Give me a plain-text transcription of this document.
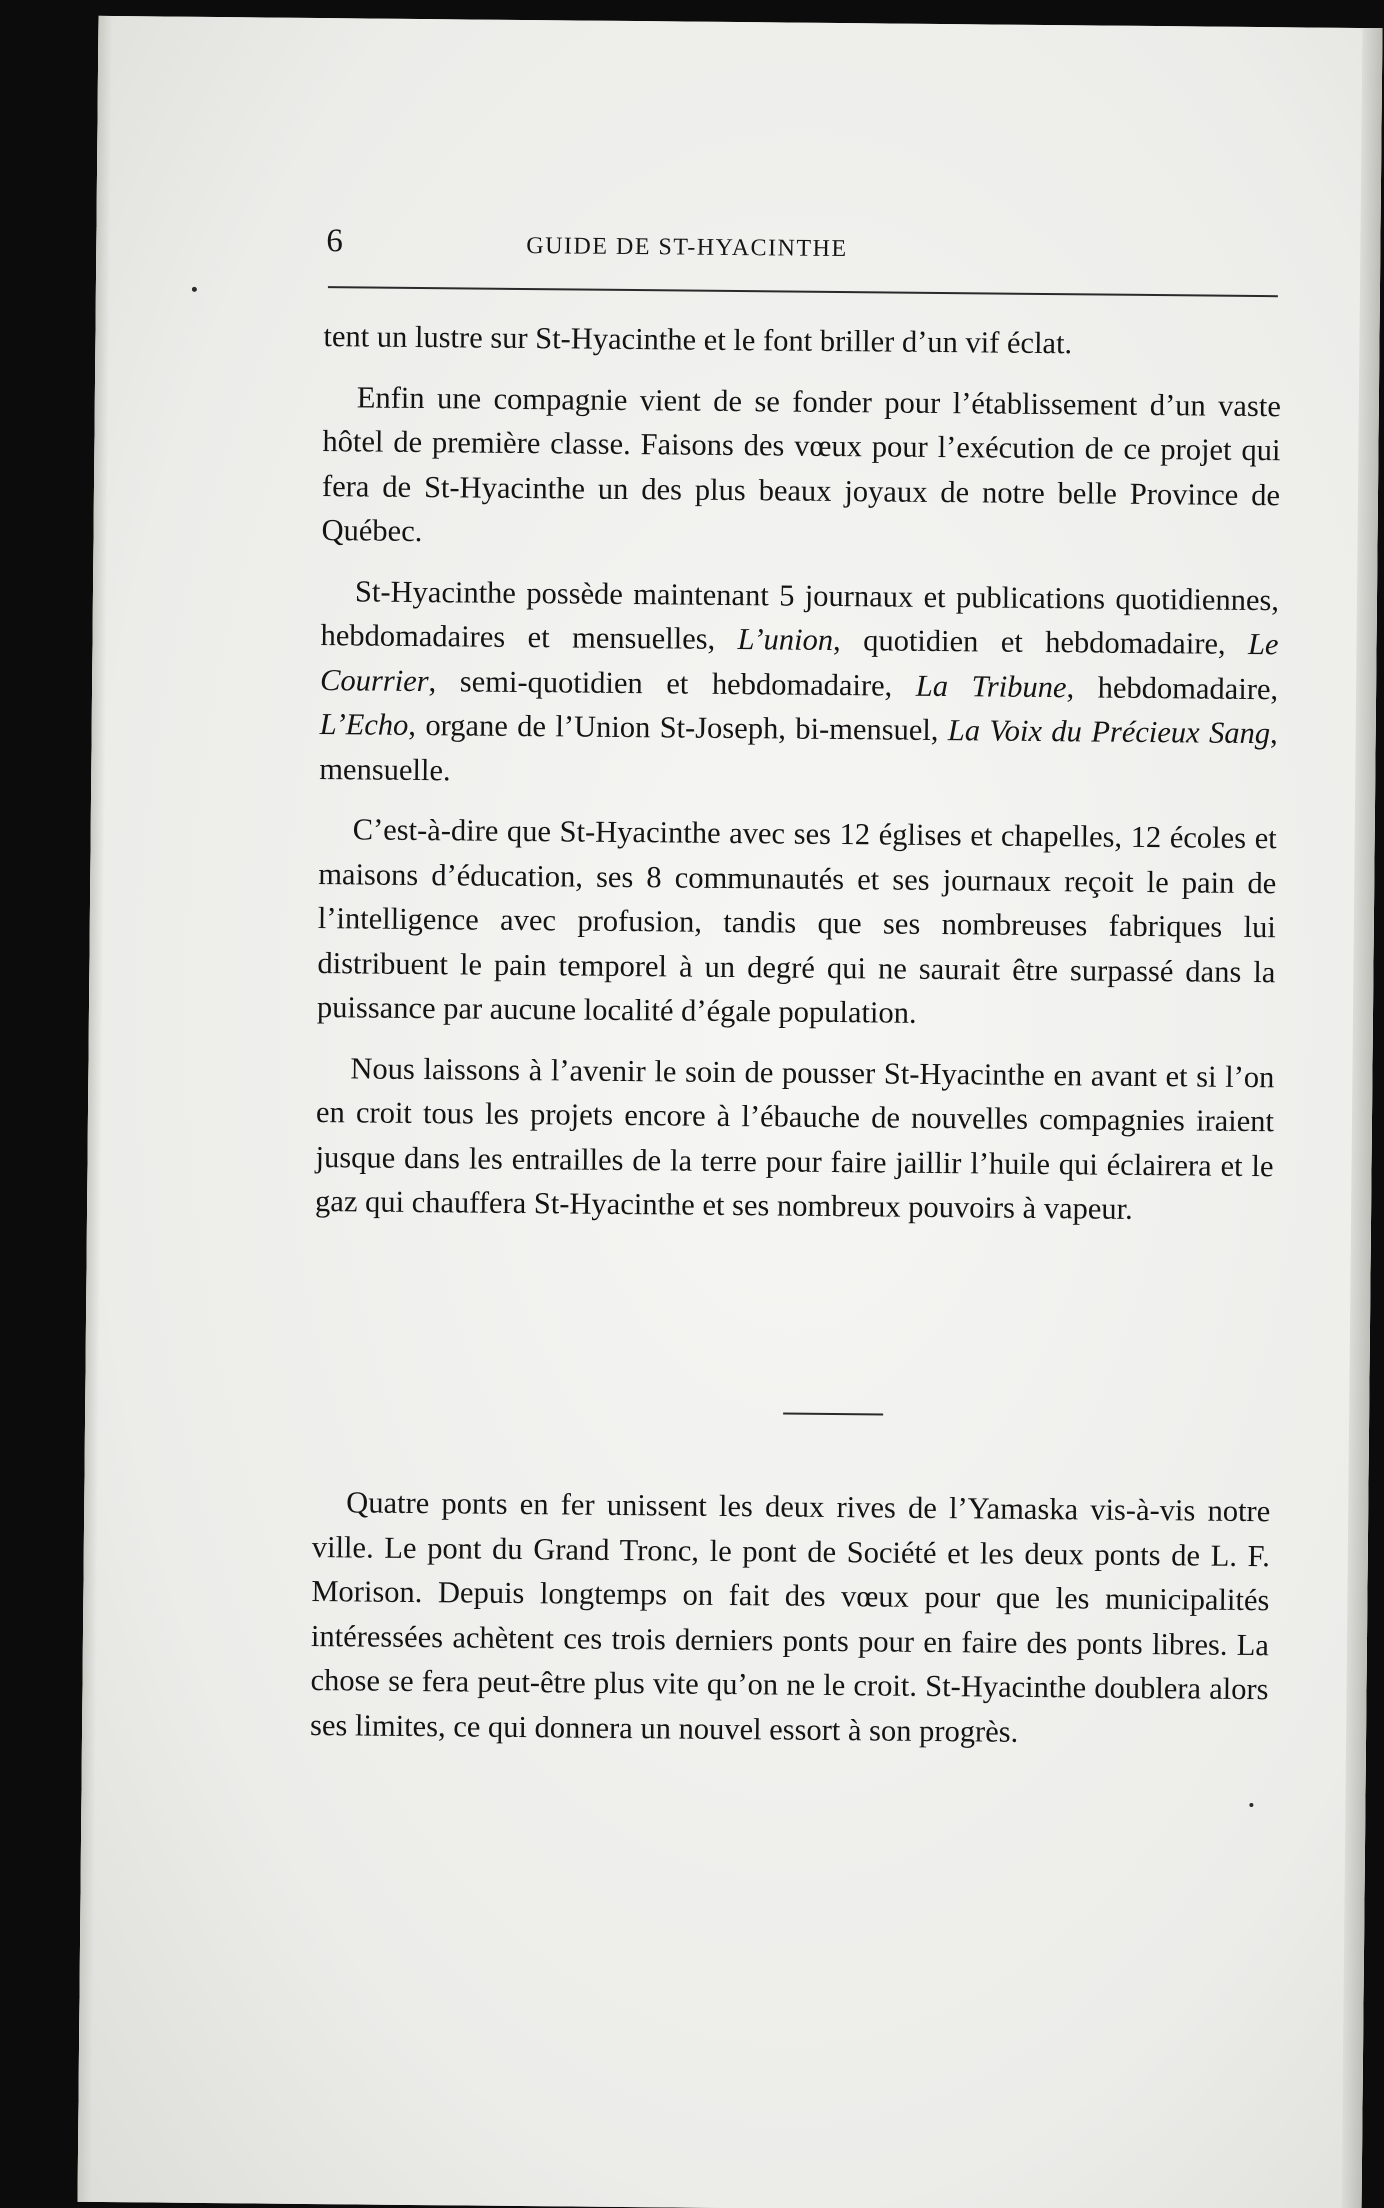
6	GUIDE DE ST-HYACINTHE

tent un lustre sur St-Hyacinthe et le font briller d’un vif éclat.

Enfin une compagnie vient de se fonder pour l’établissement d’un vaste hôtel de première classe. Faisons des vœux pour l’exécution de ce projet qui fera de St-Hyacinthe un des plus beaux joyaux de notre belle Province de Québec.

St-Hyacinthe possède maintenant 5 journaux et publications quotidiennes, hebdomadaires et mensuelles, L’union, quotidien et hebdomadaire, Le Courrier, semi-quotidien et hebdomadaire, La Tribune, hebdomadaire, L’Echo, organe de l’Union St-Joseph, bi-mensuel, La Voix du Précieux Sang, mensuelle.

C’est-à-dire que St-Hyacinthe avec ses 12 églises et chapelles, 12 écoles et maisons d’éducation, ses 8 communautés et ses journaux reçoit le pain de l’intelligence avec profusion, tandis que ses nombreuses fabriques lui distribuent le pain temporel à un degré qui ne saurait être surpassé dans la puissance par aucune localité d’égale population.

Nous laissons à l’avenir le soin de pousser St-Hyacinthe en avant et si l’on en croit tous les projets encore à l’ébauche de nouvelles compagnies iraient jusque dans les entrailles de la terre pour faire jaillir l’huile qui éclairera et le gaz qui chauffera St-Hyacinthe et ses nombreux pouvoirs à vapeur.

Quatre ponts en fer unissent les deux rives de l’Yamaska vis-à-vis notre ville. Le pont du Grand Tronc, le pont de Société et les deux ponts de L. F. Morison. Depuis longtemps on fait des vœux pour que les municipalités intéressées achètent ces trois derniers ponts pour en faire des ponts libres. La chose se fera peut-être plus vite qu’on ne le croit. St-Hyacinthe doublera alors ses limites, ce qui donnera un nouvel essort à son progrès.
